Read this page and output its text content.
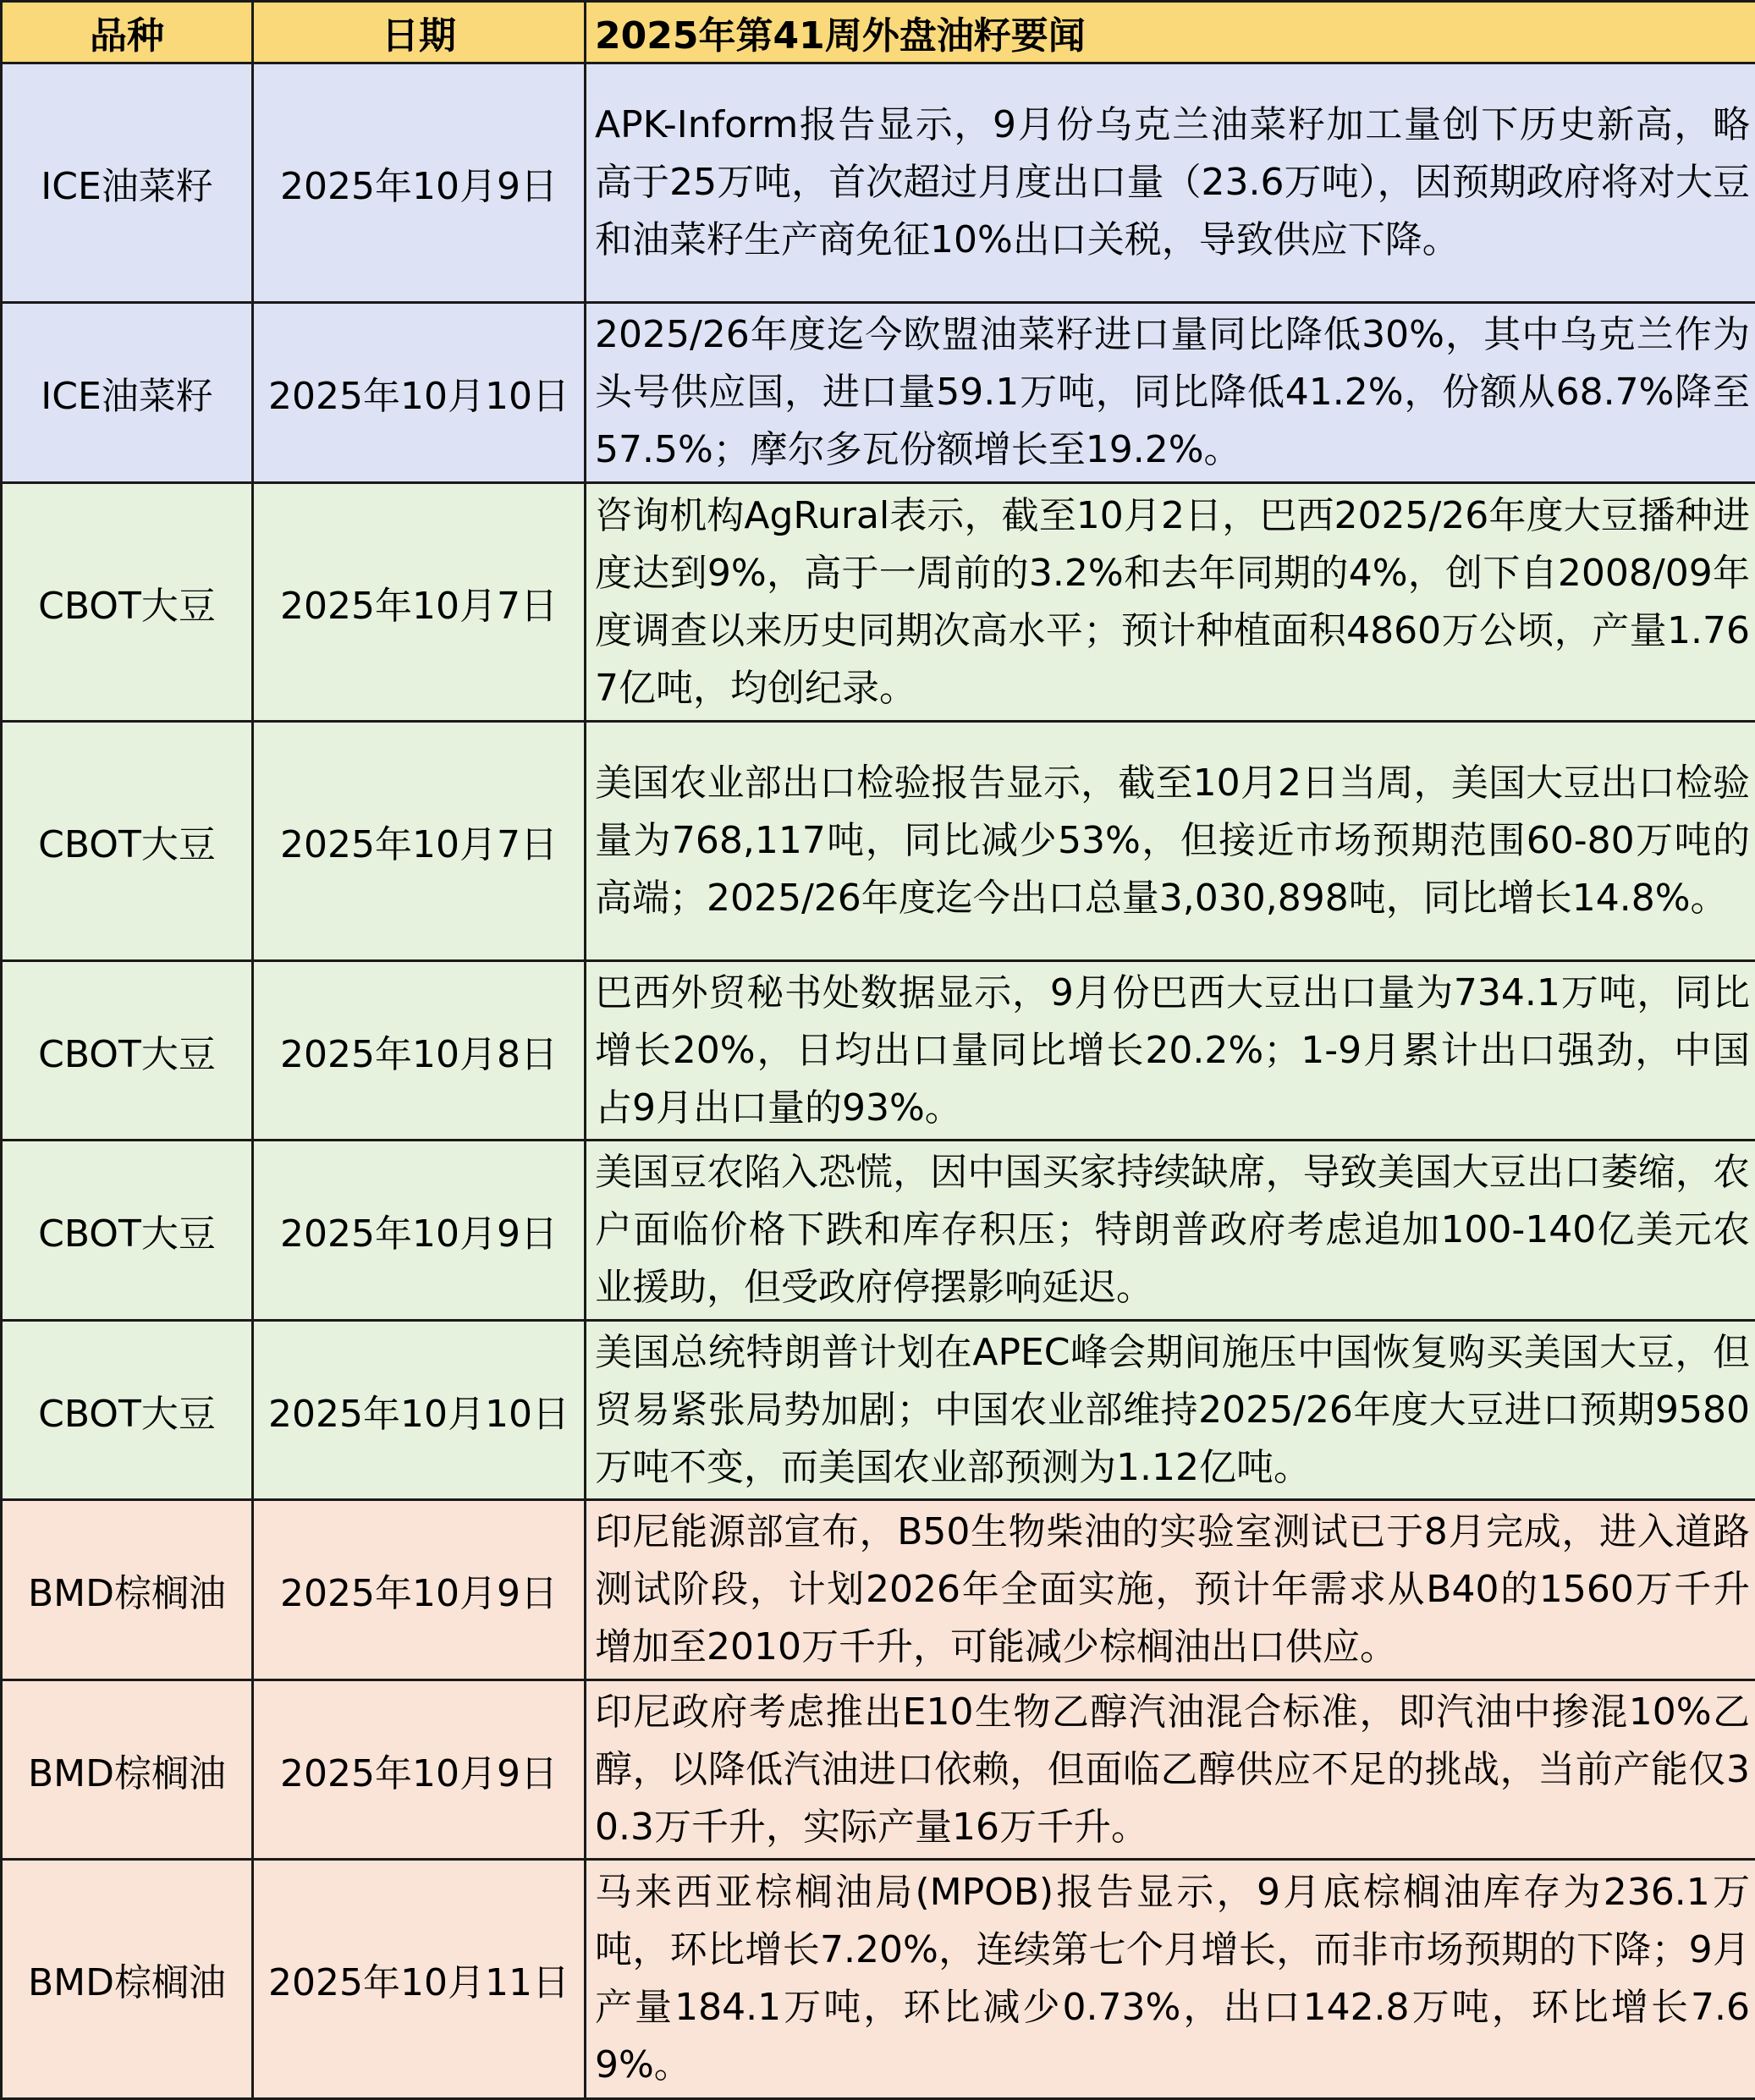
品种	日期	2025年第41周外盘油籽要闻
ICE油菜籽	2025年10月9日	APK-Inform报告显示，9月份乌克兰油菜籽加工量创下历史新高，略高于25万吨，首次超过月度出口量（23.6万吨），因预期政府将对大豆和油菜籽生产商免征10%出口关税，导致供应下降。
ICE油菜籽	2025年10月10日	2025/26年度迄今欧盟油菜籽进口量同比降低30%，其中乌克兰作为头号供应国，进口量59.1万吨，同比降低41.2%，份额从68.7%降至57.5%；摩尔多瓦份额增长至19.2%。
CBOT大豆	2025年10月7日	咨询机构AgRural表示，截至10月2日，巴西2025/26年度大豆播种进度达到9%，高于一周前的3.2%和去年同期的4%，创下自2008/09年度调查以来历史同期次高水平；预计种植面积4860万公顷，产量1.767亿吨，均创纪录。
CBOT大豆	2025年10月7日	美国农业部出口检验报告显示，截至10月2日当周，美国大豆出口检验量为768,117吨，同比减少53%，但接近市场预期范围60-80万吨的高端；2025/26年度迄今出口总量3,030,898吨，同比增长14.8%。
CBOT大豆	2025年10月8日	巴西外贸秘书处数据显示，9月份巴西大豆出口量为734.1万吨，同比增长20%，日均出口量同比增长20.2%；1-9月累计出口强劲，中国占9月出口量的93%。
CBOT大豆	2025年10月9日	美国豆农陷入恐慌，因中国买家持续缺席，导致美国大豆出口萎缩，农户面临价格下跌和库存积压；特朗普政府考虑追加100-140亿美元农业援助，但受政府停摆影响延迟。
CBOT大豆	2025年10月10日	美国总统特朗普计划在APEC峰会期间施压中国恢复购买美国大豆，但贸易紧张局势加剧；中国农业部维持2025/26年度大豆进口预期9580万吨不变，而美国农业部预测为1.12亿吨。
BMD棕榈油	2025年10月9日	印尼能源部宣布，B50生物柴油的实验室测试已于8月完成，进入道路测试阶段，计划2026年全面实施，预计年需求从B40的1560万千升增加至2010万千升，可能减少棕榈油出口供应。
BMD棕榈油	2025年10月9日	印尼政府考虑推出E10生物乙醇汽油混合标准，即汽油中掺混10%乙醇，以降低汽油进口依赖，但面临乙醇供应不足的挑战，当前产能仅30.3万千升，实际产量16万千升。
BMD棕榈油	2025年10月11日	马来西亚棕榈油局(MPOB)报告显示，9月底棕榈油库存为236.1万吨，环比增长7.20%，连续第七个月增长，而非市场预期的下降；9月产量184.1万吨，环比减少0.73%，出口142.8万吨，环比增长7.69%。
